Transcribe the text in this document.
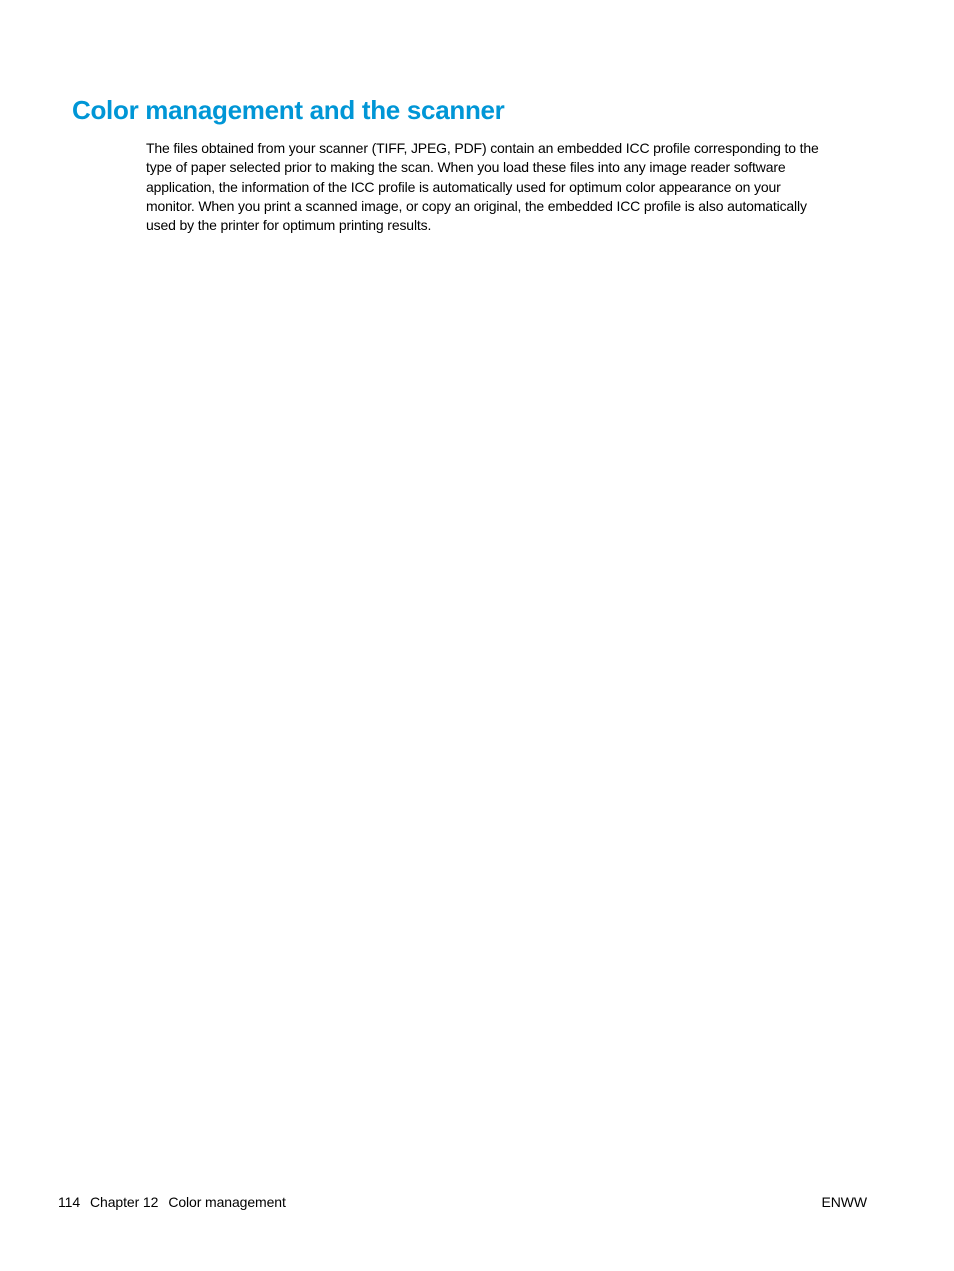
Color management and the scanner

The files obtained from your scanner (TIFF, JPEG, PDF) contain an embedded ICC profile corresponding to the
type of paper selected prior to making the scan. When you load these files into any image reader software
application, the information of the ICC profile is automatically used for optimum color appearance on your
monitor. When you print a scanned image, or copy an original, the embedded ICC profile is also automatically
used by the printer for optimum printing results.

114 Chapter 12 Color management	ENWW
